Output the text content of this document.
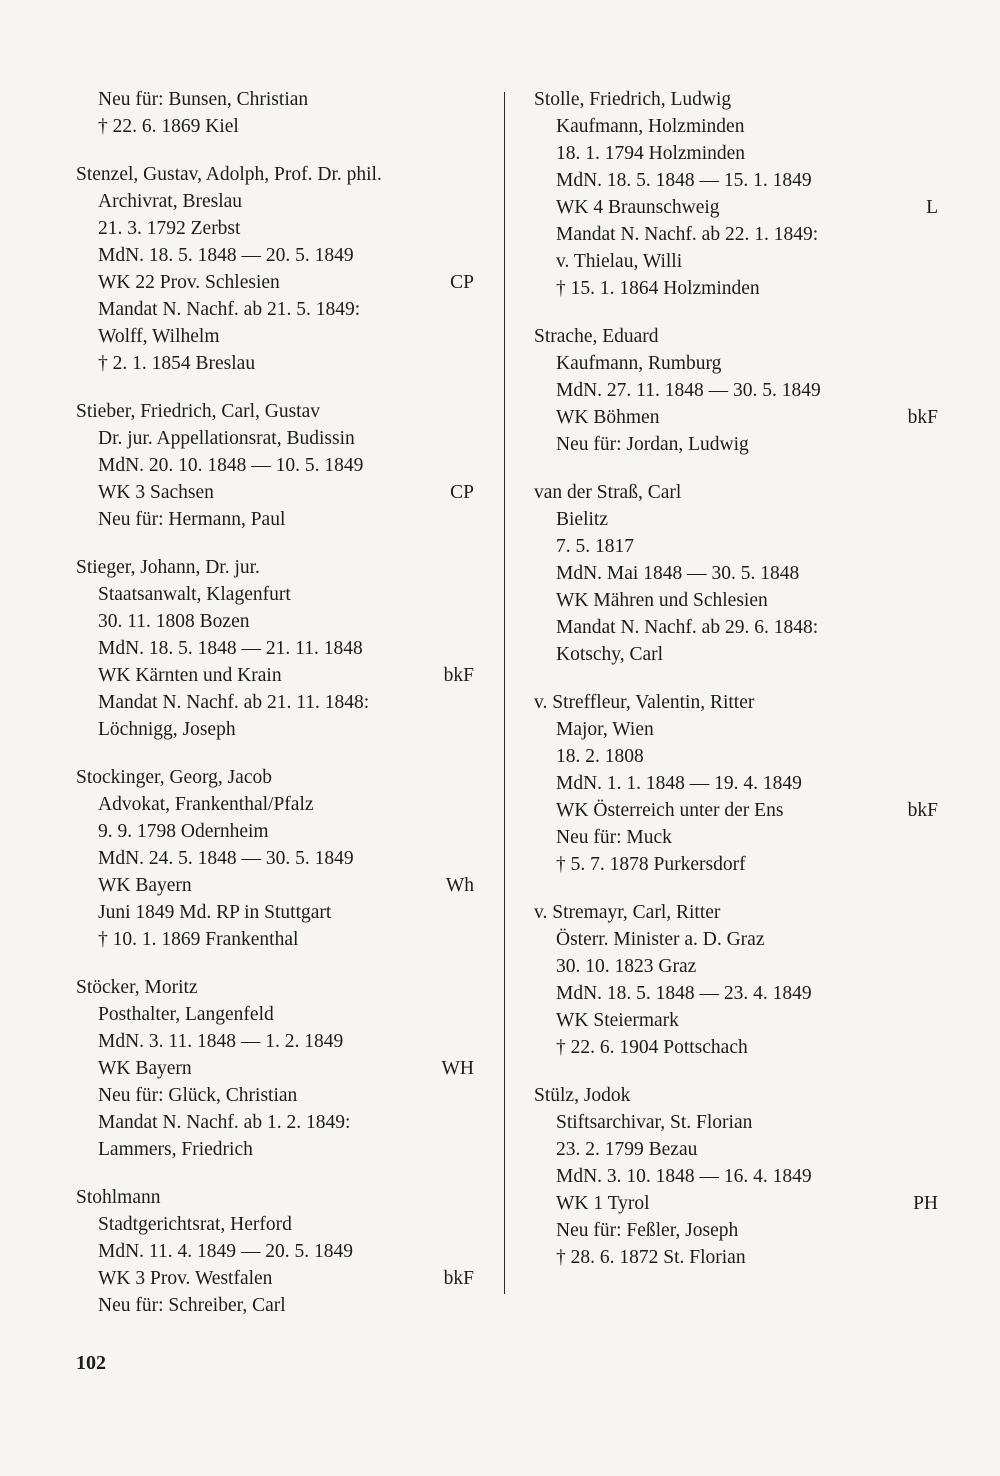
Neu für: Bunsen, Christian
† 22. 6. 1869 Kiel
Stenzel, Gustav, Adolph, Prof. Dr. phil.
Archivrat, Breslau
21. 3. 1792 Zerbst
MdN. 18. 5. 1848 — 20. 5. 1849
WK 22 Prov. Schlesien	CP
Mandat N. Nachf. ab 21. 5. 1849:
Wolff, Wilhelm
† 2. 1. 1854 Breslau
Stieber, Friedrich, Carl, Gustav
Dr. jur. Appellationsrat, Budissin
MdN. 20. 10. 1848 — 10. 5. 1849
WK 3 Sachsen	CP
Neu für: Hermann, Paul
Stieger, Johann, Dr. jur.
Staatsanwalt, Klagenfurt
30. 11. 1808 Bozen
MdN. 18. 5. 1848 — 21. 11. 1848
WK Kärnten und Krain	bkF
Mandat N. Nachf. ab 21. 11. 1848:
Löchnigg, Joseph
Stockinger, Georg, Jacob
Advokat, Frankenthal/Pfalz
9. 9. 1798 Odernheim
MdN. 24. 5. 1848 — 30. 5. 1849
WK Bayern	Wh
Juni 1849 Md. RP in Stuttgart
† 10. 1. 1869 Frankenthal
Stöcker, Moritz
Posthalter, Langenfeld
MdN. 3. 11. 1848 — 1. 2. 1849
WK Bayern	WH
Neu für: Glück, Christian
Mandat N. Nachf. ab 1. 2. 1849:
Lammers, Friedrich
Stohlmann
Stadtgerichtsrat, Herford
MdN. 11. 4. 1849 — 20. 5. 1849
WK 3 Prov. Westfalen	bkF
Neu für: Schreiber, Carl
Stolle, Friedrich, Ludwig
Kaufmann, Holzminden
18. 1. 1794 Holzminden
MdN. 18. 5. 1848 — 15. 1. 1849
WK 4 Braunschweig	L
Mandat N. Nachf. ab 22. 1. 1849:
v. Thielau, Willi
† 15. 1. 1864 Holzminden
Strache, Eduard
Kaufmann, Rumburg
MdN. 27. 11. 1848 — 30. 5. 1849
WK Böhmen	bkF
Neu für: Jordan, Ludwig
van der Straß, Carl
Bielitz
7. 5. 1817
MdN. Mai 1848 — 30. 5. 1848
WK Mähren und Schlesien
Mandat N. Nachf. ab 29. 6. 1848:
Kotschy, Carl
v. Streffleur, Valentin, Ritter
Major, Wien
18. 2. 1808
MdN. 1. 1. 1848 — 19. 4. 1849
WK Österreich unter der Ens	bkF
Neu für: Muck
† 5. 7. 1878 Purkersdorf
v. Stremayr, Carl, Ritter
Österr. Minister a. D. Graz
30. 10. 1823 Graz
MdN. 18. 5. 1848 — 23. 4. 1849
WK Steiermark
† 22. 6. 1904 Pottschach
Stülz, Jodok
Stiftsarchivar, St. Florian
23. 2. 1799 Bezau
MdN. 3. 10. 1848 — 16. 4. 1849
WK 1 Tyrol	PH
Neu für: Feßler, Joseph
† 28. 6. 1872 St. Florian
102
